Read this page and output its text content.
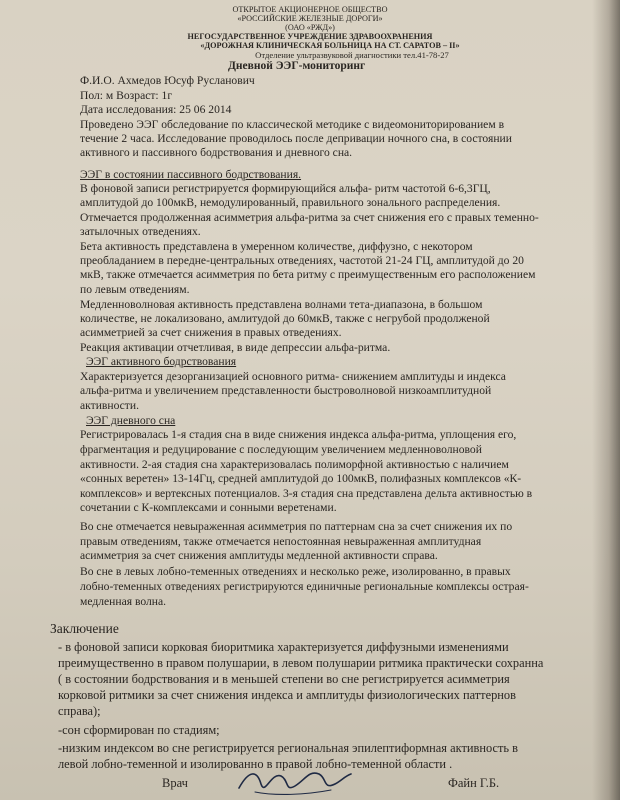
ОТКРЫТОЕ АКЦИОНЕРНОЕ ОБЩЕСТВО
«РОССИЙСКИЕ ЖЕЛЕЗНЫЕ ДОРОГИ»
(ОАО «РЖД»)
НЕГОСУДАРСТВЕННОЕ УЧРЕЖДЕНИЕ ЗДРАВООХРАНЕНИЯ
«ДОРОЖНАЯ КЛИНИЧЕСКАЯ БОЛЬНИЦА НА СТ. САРАТОВ – II»
Отделение ультразвуковой диагностики тел.41-78-27
Дневной ЭЭГ-мониторинг
Ф.И.О. Ахмедов Юсуф Русланович
Пол: м Возраст: 1г
Дата исследования: 25 06 2014
Проведено ЭЭГ обследование по классической методике с видеомониторированием в
течение 2 часа. Исследование проводилось после депривации ночного сна, в состоянии
активного и пассивного бодрствования и дневного сна.
ЭЭГ в состоянии пассивного бодрствования.
В фоновой записи регистрируется формирующийся альфа- ритм частотой 6-6,3ГЦ,
амплитудой до 100мкВ, немодулированный, правильного зонального распределения.
Отмечается продолженная асимметрия альфа-ритма за счет снижения его с правых теменно-
затылочных отведениях.
Бета активность представлена в умеренном количестве, диффузно, с некотором
преобладанием в передне-центральных отведениях, частотой 21-24 ГЦ, амплитудой до 20
мкВ, также отмечается асимметрия по бета ритму с преимущественным его расположением
по левым отведениям.
Медленноволновая активность представлена волнами тета-диапазона, в большом
количестве, не локализовано, амлитудой до 60мкВ, также с негрубой продолженой
асимметрией за счет снижения в правых отведениях.
Реакция активации отчетливая, в виде депрессии альфа-ритма.
ЭЭГ активного бодрствования
Характеризуется дезорганизацией основного ритма- снижением амплитуды и индекса
альфа-ритма и увеличением представленности быстроволновой низкоамплитудной
активности.
ЭЭГ дневного сна
Регистрировалась 1-я стадия сна в виде снижения индекса альфа-ритма, уплощения его,
фрагментация и редуцирование с последующим увеличением медленноволновой
активности. 2-ая стадия сна характеризовалась полиморфной активностью с наличием
«сонных веретен» 13-14Гц, средней амплитудой до 100мкВ, полифазных комплексов «К-
комплексов» и вертексных потенциалов. 3-я стадия сна представлена дельта активностью в
сочетании с К-комплексами и сонными веретенами.
Во сне отмечается невыраженная асимметрия по паттернам сна за счет снижения их по
правым отведениям, также отмечается непостоянная невыраженная амплитудная
асимметрия за счет снижения амплитуды медленной активности справа.
Во сне в левых лобно-теменных отведениях и несколько реже, изолированно, в правых
лобно-теменных отведениях регистрируются единичные региональные комплексы острая-
медленная волна.
Заключение
- в фоновой записи корковая биоритмика характеризуется диффузными изменениями
преимущественно в правом полушарии, в левом полушарии ритмика практически сохранна
( в состоянии бодрствования и в меньшей степени во сне регистрируется асимметрия
корковой ритмики за счет снижения индекса и амплитуды физиологических паттернов
справа);
-сон сформирован по стадиям;
-низким индексом во сне регистрируется региональная эпилептиформная активность в
левой лобно-теменной и изолированно в правой лобно-теменной области .
Врач	Файн Г.Б.
